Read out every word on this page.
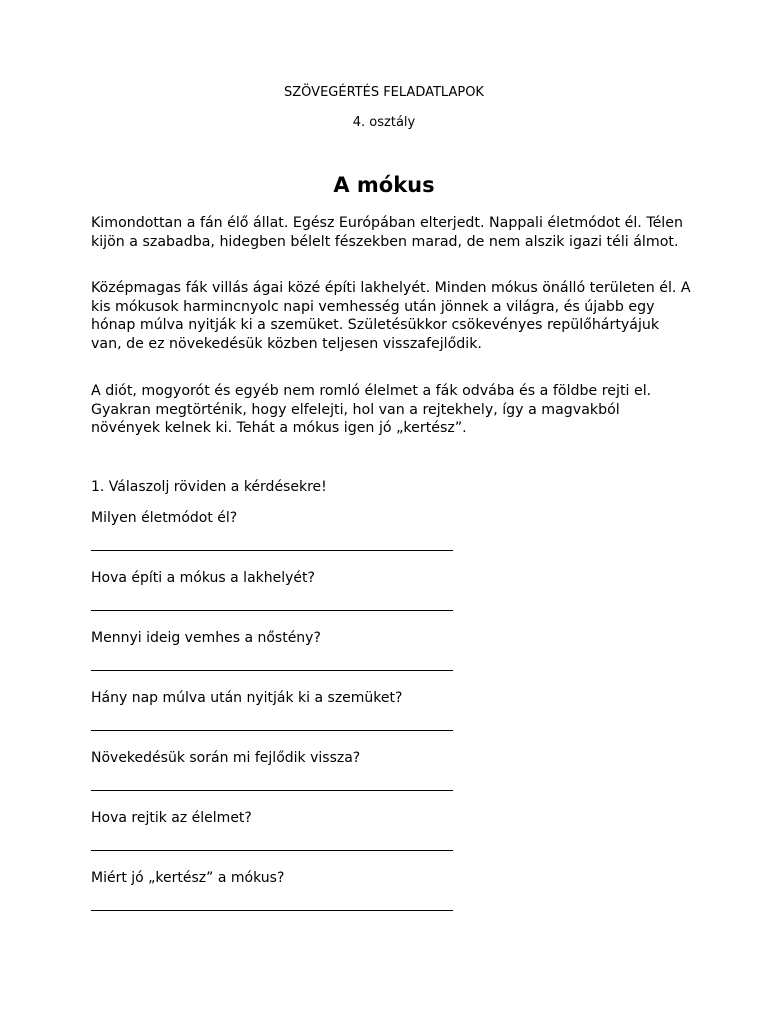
SZÖVEGÉRTÉS FELADATLAPOK
4. osztály
A mókus

Kimondottan a fán élő állat. Egész Európában elterjedt. Nappali életmódot él. Télen kijön a szabadba, hidegben bélelt fészekben marad, de nem alszik igazi téli álmot.

Középmagas fák villás ágai közé építi lakhelyét. Minden mókus önálló területen él. A kis mókusok harmincnyolc napi vemhesség után jönnek a világra, és újabb egy hónap múlva nyitják ki a szemüket. Születésükkor csökevényes repülőhártyájuk van, de ez növekedésük közben teljesen visszafejlődik.

A diót, mogyorót és egyéb nem romló élelmet a fák odvába és a földbe rejti el. Gyakran megtörténik, hogy elfelejti, hol van a rejtekhely, így a magvakból növények kelnek ki. Tehát a mókus igen jó „kertész”.

1. Válaszolj röviden a kérdésekre!
Milyen életmódot él?
Hova építi a mókus a lakhelyét?
Mennyi ideig vemhes a nőstény?
Hány nap múlva után nyitják ki a szemüket?
Növekedésük során mi fejlődik vissza?
Hova rejtik az élelmet?
Miért jó „kertész” a mókus?
